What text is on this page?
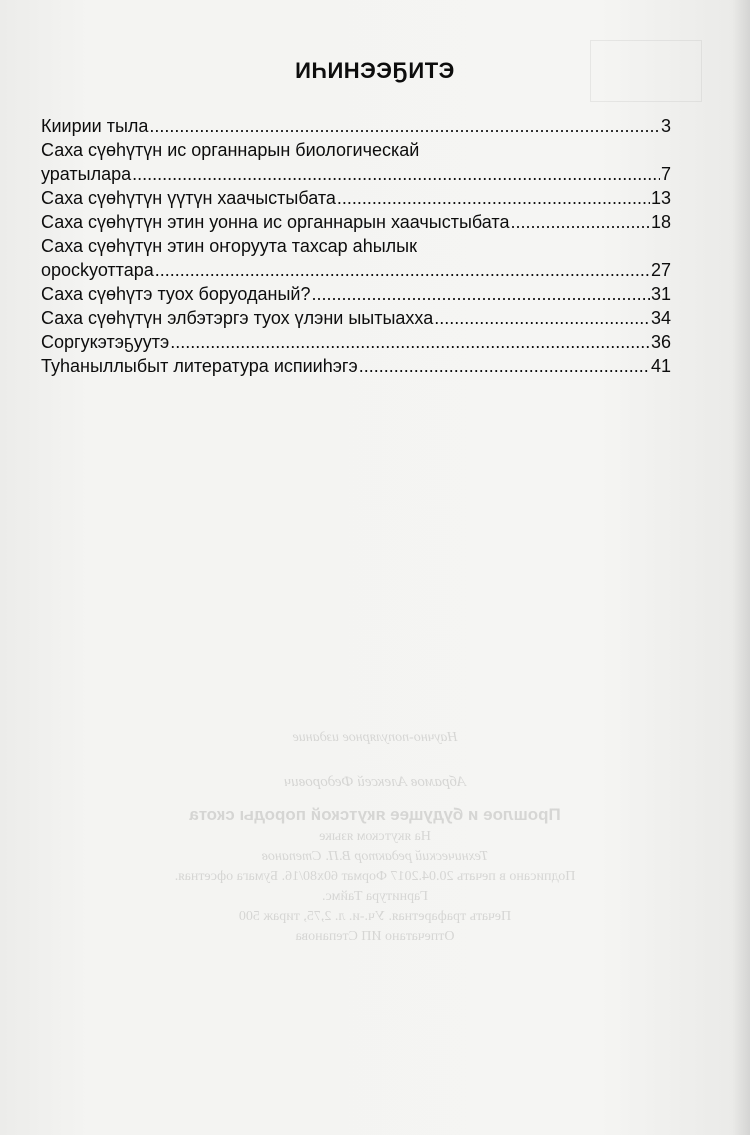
ИҺИНЭЭҔИТЭ
Киирии тыла .....	3
Саха сүөһүтүн ис органнарын биологическай
уратылара .....	7
Саха сүөһүтүн үүтүн хаачыстыбата .....	13
Саха сүөһүтүн этин уонна ис органнарын хаачыстыбата .....	18
Саха сүөһүтүн этин оҥоруута тахсар аһылык
оросkуоттара .....	27
Саха сүөһүтэ туох боруоданый? .....	31
Саха сүөһүтүн элбэтэргэ туох үлэни ыытыахха .....	34
Соргукэтэҕуутэ .....	36
Туһаныллыбыт литература испииһэгэ .....	41
Научно-популярное издание
Абрамов Алексей Федорович
Прошлое и будущее якутской породы скота
На якутском языке
Технический редактор В.П. Степанов
Подписано в печать 20.04.2017 Формат 60х80/16. Бумага офсетная.
Гарнитура Таймс.
Печать трафаретная. Уч.-и. л. 2,75, тираж 500
Отпечатано ИП Степанова
